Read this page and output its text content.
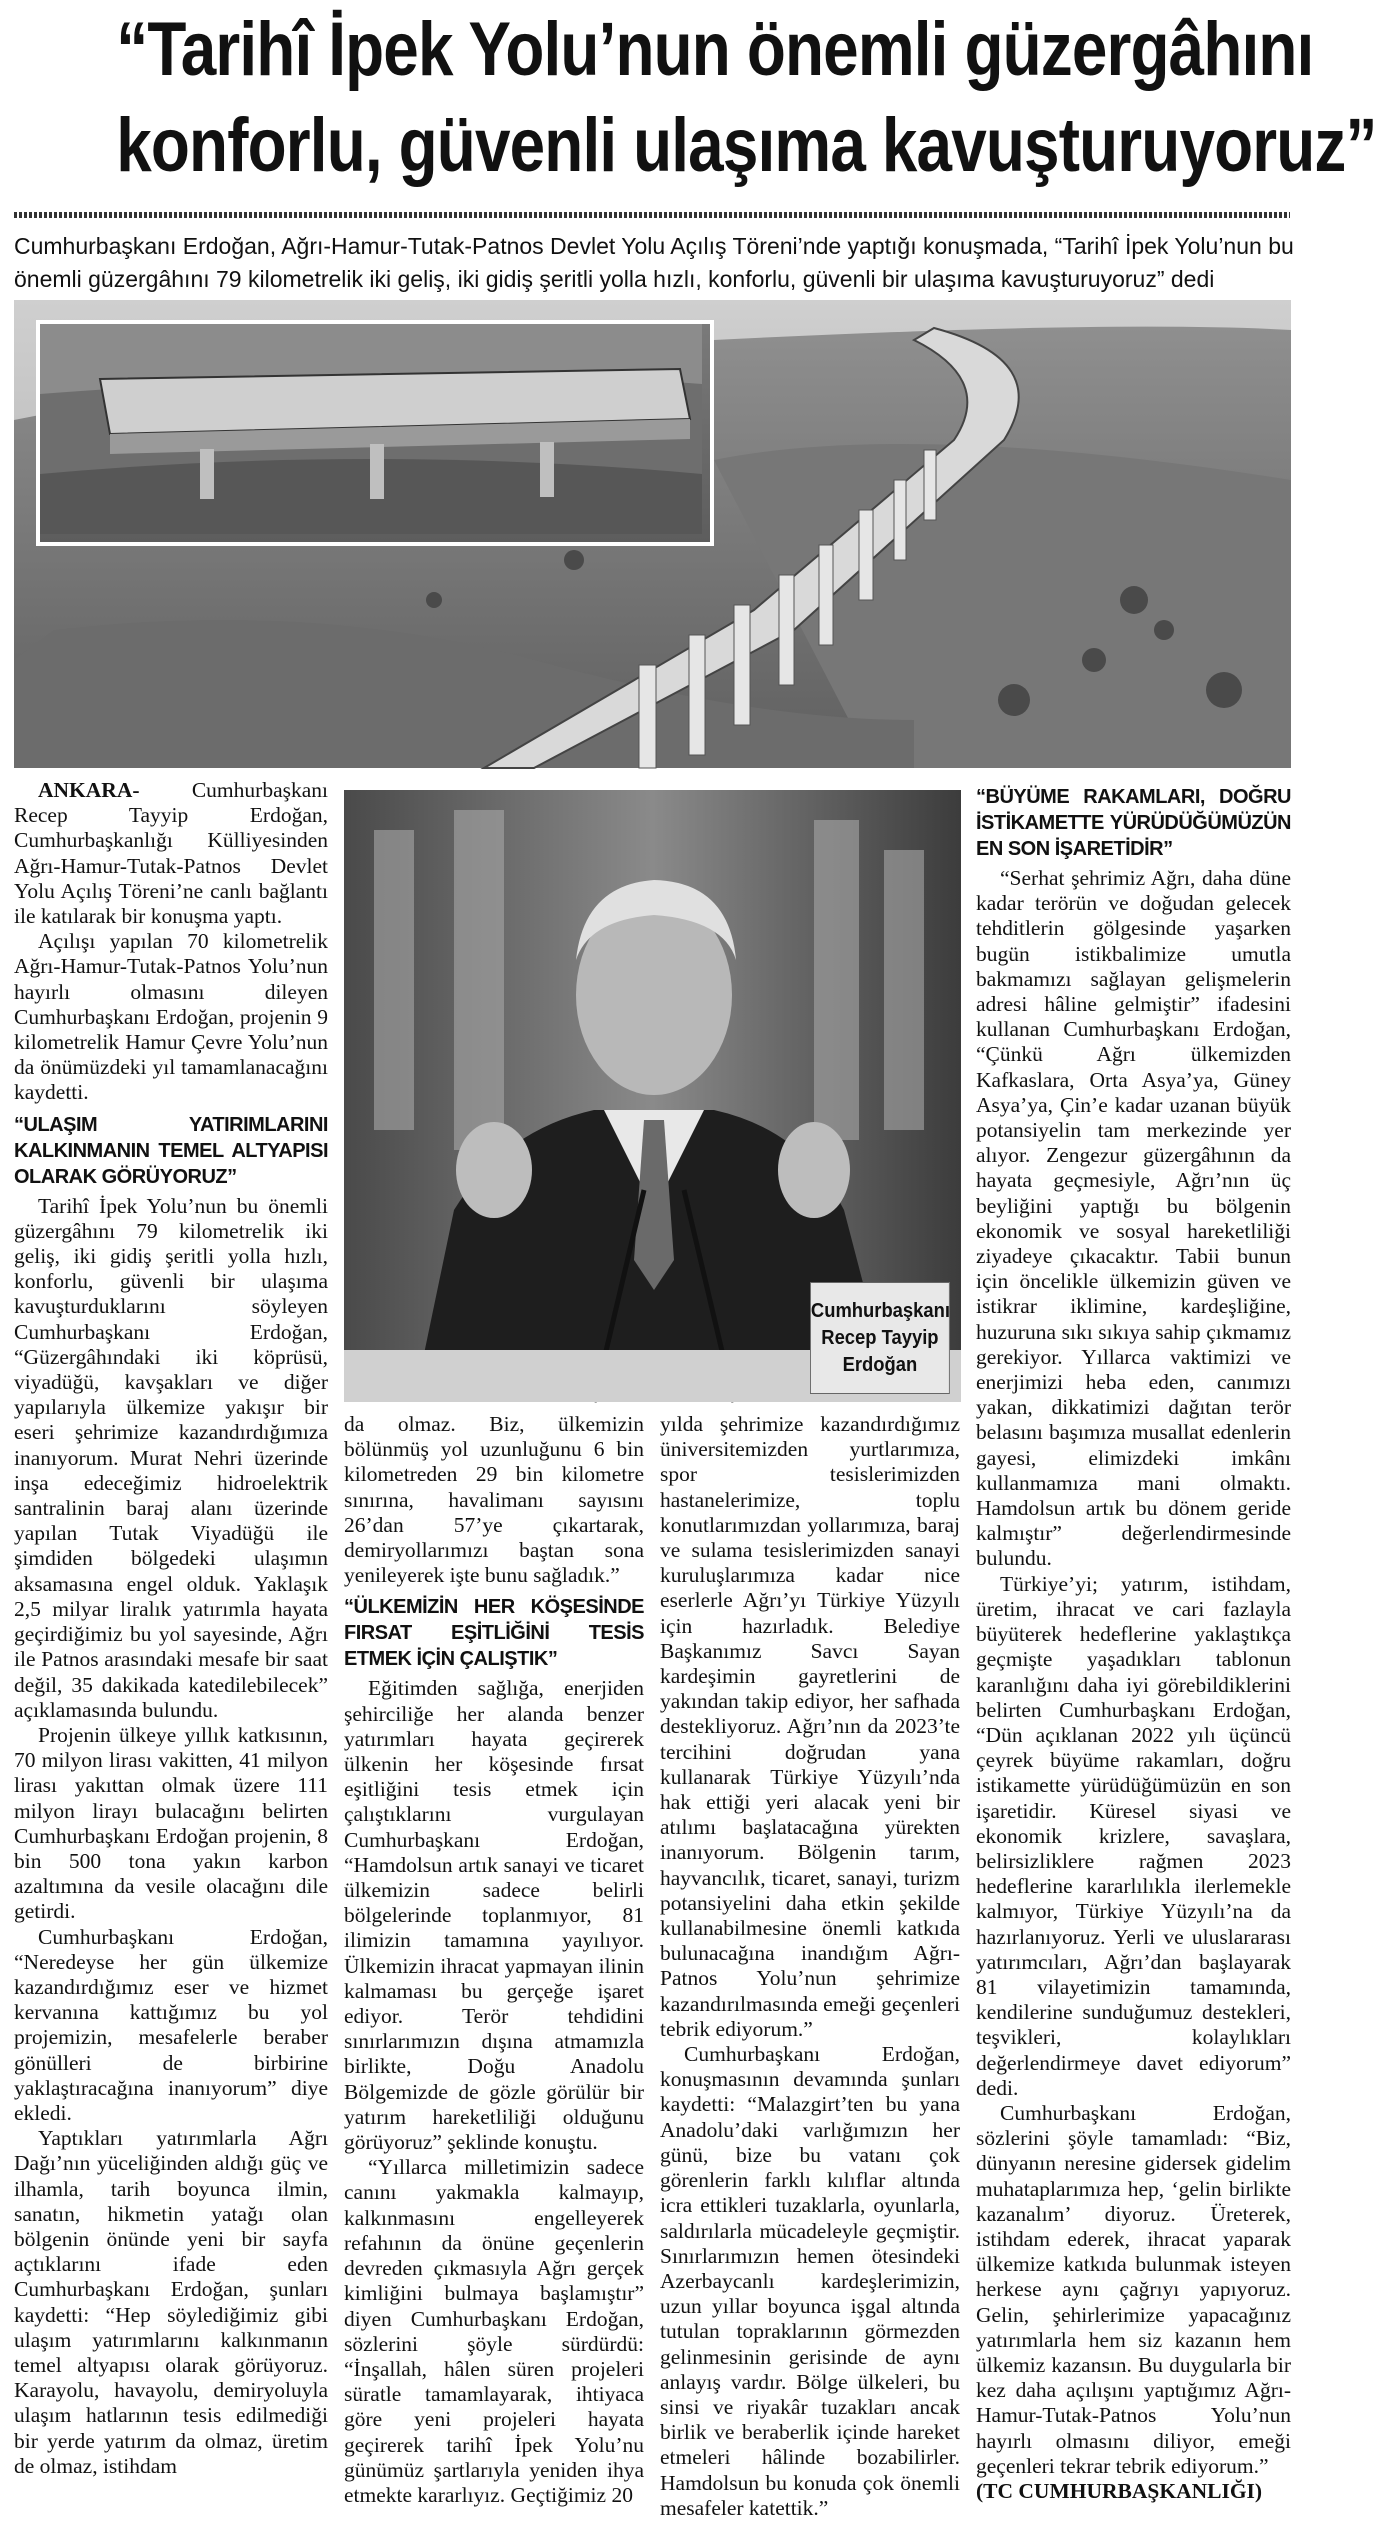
“Tarihî İpek Yolu’nun önemli güzergâhını
konforlu, güvenli ulaşıma kavuşturuyoruz”
Cumhurbaşkanı Erdoğan, Ağrı-Hamur-Tutak-Patnos Devlet Yolu Açılış Töreni’nde yaptığı konuşmada, “Tarihî İpek Yolu’nun bu
önemli güzergâhını 79 kilometrelik iki geliş, iki gidiş şeritli yolla hızlı, konforlu, güvenli bir ulaşıma kavuşturuyoruz” dedi
Cumhurbaşkanı
Recep Tayyip
Erdoğan

ANKARA- Cumhurbaşkanı Recep Tayyip Erdoğan, Cumhurbaşkanlığı Külliyesinden Ağrı-Hamur-Tutak-Patnos Devlet Yolu Açılış Töreni’ne canlı bağlantı ile katılarak bir konuşma yaptı.

Açılışı yapılan 70 kilometrelik Ağrı-Hamur-Tutak-Patnos Yolu’nun hayırlı olmasını dileyen Cumhurbaşkanı Erdoğan, projenin 9 kilometrelik Hamur Çevre Yolu’nun da önümüzdeki yıl tamamlanacağını kaydetti.

“ULAŞIM YATIRIMLARINI KALKINMANIN TEMEL ALTYAPISI OLARAK GÖRÜYORUZ”

Tarihî İpek Yolu’nun bu önemli güzergâhını 79 kilometrelik iki geliş, iki gidiş şeritli yolla hızlı, konforlu, güvenli bir ulaşıma kavuşturduklarını söyleyen Cumhurbaşkanı Erdoğan, “Güzergâhındaki iki köprüsü, viyadüğü, kavşakları ve diğer yapılarıyla ülkemize yakışır bir eseri şehrimize kazandırdığımıza inanıyorum. Murat Nehri üzerinde inşa edeceğimiz hidroelektrik santralinin baraj alanı üzerinde yapılan Tutak Viyadüğü ile şimdiden bölgedeki ulaşımın aksamasına engel olduk. Yaklaşık 2,5 milyar liralık yatırımla hayata geçirdiğimiz bu yol sayesinde, Ağrı ile Patnos arasındaki mesafe bir saat değil, 35 dakikada katedilebilecek” açıklamasında bulundu.

Projenin ülkeye yıllık katkısının, 70 milyon lirası vakitten, 41 milyon lirası yakıttan olmak üzere 111 milyon lirayı bulacağını belirten Cumhurbaşkanı Erdoğan projenin, 8 bin 500 tona yakın karbon azaltımına da vesile olacağını dile getirdi.

Cumhurbaşkanı Erdoğan, “Neredeyse her gün ülkemize kazandırdığımız eser ve hizmet kervanına kattığımız bu yol projemizin, mesafelerle beraber gönülleri de birbirine yaklaştıracağına inanıyorum” diye ekledi.

Yaptıkları yatırımlarla Ağrı Dağı’nın yüceliğinden aldığı güç ve ilhamla, tarih boyunca ilmin, sanatın, hikmetin yatağı olan bölgenin önünde yeni bir sayfa açtıklarını ifade eden Cumhurbaşkanı Erdoğan, şunları kaydetti: “Hep söylediğimiz gibi ulaşım yatırımlarını kalkınmanın temel altyapısı olarak görüyoruz. Karayolu, havayolu, demiryoluyla ulaşım hatlarının tesis edilmediği bir yerde yatırım da olmaz, üretim de olmaz, istihdam

da olmaz. Biz, ülkemizin bölünmüş yol uzunluğunu 6 bin kilometreden 29 bin kilometre sınırına, havalimanı sayısını 26’dan 57’ye çıkartarak, demiryollarımızı baştan sona yenileyerek işte bunu sağladık.”

“ÜLKEMİZİN HER KÖŞESİNDE FIRSAT EŞİTLİĞİNİ TESİS ETMEK İÇİN ÇALIŞTIK”

Eğitimden sağlığa, enerjiden şehirciliğe her alanda benzer yatırımları hayata geçirerek ülkenin her köşesinde fırsat eşitliğini tesis etmek için çalıştıklarını vurgulayan Cumhurbaşkanı Erdoğan, “Hamdolsun artık sanayi ve ticaret ülkemizin sadece belirli bölgelerinde toplanmıyor, 81 ilimizin tamamına yayılıyor. Ülkemizin ihracat yapmayan ilinin kalmaması bu gerçeğe işaret ediyor. Terör tehdidini sınırlarımızın dışına atmamızla birlikte, Doğu Anadolu Bölgemizde de gözle görülür bir yatırım hareketliliği olduğunu görüyoruz” şeklinde konuştu.

“Yıllarca milletimizin sadece canını yakmakla kalmayıp, kalkınmasını engelleyerek refahının da önüne geçenlerin devreden çıkmasıyla Ağrı gerçek kimliğini bulmaya başlamıştır” diyen Cumhurbaşkanı Erdoğan, sözlerini şöyle sürdürdü: “İnşallah, hâlen süren projeleri süratle tamamlayarak, ihtiyaca göre yeni projeleri hayata geçirerek tarihî İpek Yolu’nu günümüz şartlarıyla yeniden ihya etmekte kararlıyız. Geçtiğimiz 20

yılda şehrimize kazandırdığımız üniversitemizden yurtlarımıza, spor tesislerimizden hastanelerimize, toplu konutlarımızdan yollarımıza, baraj ve sulama tesislerimizden sanayi kuruluşlarımıza kadar nice eserlerle Ağrı’yı Türkiye Yüzyılı için hazırladık. Belediye Başkanımız Savcı Sayan kardeşimin gayretlerini de yakından takip ediyor, her safhada destekliyoruz. Ağrı’nın da 2023’te tercihini doğrudan yana kullanarak Türkiye Yüzyılı’nda hak ettiği yeri alacak yeni bir atılımı başlatacağına yürekten inanıyorum. Bölgenin tarım, hayvancılık, ticaret, sanayi, turizm potansiyelini daha etkin şekilde kullanabilmesine önemli katkıda bulunacağına inandığım Ağrı-Patnos Yolu’nun şehrimize kazandırılmasında emeği geçenleri tebrik ediyorum.”

Cumhurbaşkanı Erdoğan, konuşmasının devamında şunları kaydetti: “Malazgirt’ten bu yana Anadolu’daki varlığımızın her günü, bize bu vatanı çok görenlerin farklı kılıflar altında icra ettikleri tuzaklarla, oyunlarla, saldırılarla mücadeleyle geçmiştir. Sınırlarımızın hemen ötesindeki Azerbaycanlı kardeşlerimizin, uzun yıllar boyunca işgal altında tutulan topraklarının görmezden gelinmesinin gerisinde de aynı anlayış vardır. Bölge ülkeleri, bu sinsi ve riyakâr tuzakları ancak birlik ve beraberlik içinde hareket etmeleri hâlinde bozabilirler. Hamdolsun bu konuda çok önemli mesafeler katettik.”

“BÜYÜME RAKAMLARI, DOĞRU İSTİKAMETTE YÜRÜDÜĞÜMÜZÜN EN SON İŞARETİDİR”

“Serhat şehrimiz Ağrı, daha düne kadar terörün ve doğudan gelecek tehditlerin gölgesinde yaşarken bugün istikbalimize umutla bakmamızı sağlayan gelişmelerin adresi hâline gelmiştir” ifadesini kullanan Cumhurbaşkanı Erdoğan, “Çünkü Ağrı ülkemizden Kafkaslara, Orta Asya’ya, Güney Asya’ya, Çin’e kadar uzanan büyük potansiyelin tam merkezinde yer alıyor. Zengezur güzergâhının da hayata geçmesiyle, Ağrı’nın üç beyliğini yaptığı bu bölgenin ekonomik ve sosyal hareketliliği ziyadeye çıkacaktır. Tabii bunun için öncelikle ülkemizin güven ve istikrar iklimine, kardeşliğine, huzuruna sıkı sıkıya sahip çıkmamız gerekiyor. Yıllarca vaktimizi ve enerjimizi heba eden, canımızı yakan, dikkatimizi dağıtan terör belasını başımıza musallat edenlerin gayesi, elimizdeki imkânı kullanmamıza mani olmaktı. Hamdolsun artık bu dönem geride kalmıştır” değerlendirmesinde bulundu.

Türkiye’yi; yatırım, istihdam, üretim, ihracat ve cari fazlayla büyüterek hedeflerine yaklaştıkça geçmişte yaşadıkları tablonun karanlığını daha iyi görebildiklerini belirten Cumhurbaşkanı Erdoğan, “Dün açıklanan 2022 yılı üçüncü çeyrek büyüme rakamları, doğru istikamette yürüdüğümüzün en son işaretidir. Küresel siyasi ve ekonomik krizlere, savaşlara, belirsizliklere rağmen 2023 hedeflerine kararlılıkla ilerlemekle kalmıyor, Türkiye Yüzyılı’na da hazırlanıyoruz. Yerli ve uluslararası yatırımcıları, Ağrı’dan başlayarak 81 vilayetimizin tamamında, kendilerine sunduğumuz destekleri, teşvikleri, kolaylıkları değerlendirmeye davet ediyorum” dedi.

Cumhurbaşkanı Erdoğan, sözlerini şöyle tamamladı: “Biz, dünyanın neresine gidersek gidelim muhataplarımıza hep, ‘gelin birlikte kazanalım’ diyoruz. Üreterek, istihdam ederek, ihracat yaparak ülkemize katkıda bulunmak isteyen herkese aynı çağrıyı yapıyoruz. Gelin, şehirlerimize yapacağınız yatırımlarla hem siz kazanın hem ülkemiz kazansın. Bu duygularla bir kez daha açılışını yaptığımız Ağrı-Hamur-Tutak-Patnos Yolu’nun hayırlı olmasını diliyor, emeği geçenleri tekrar tebrik ediyorum.”

(TC CUMHURBAŞKANLIĞI)
